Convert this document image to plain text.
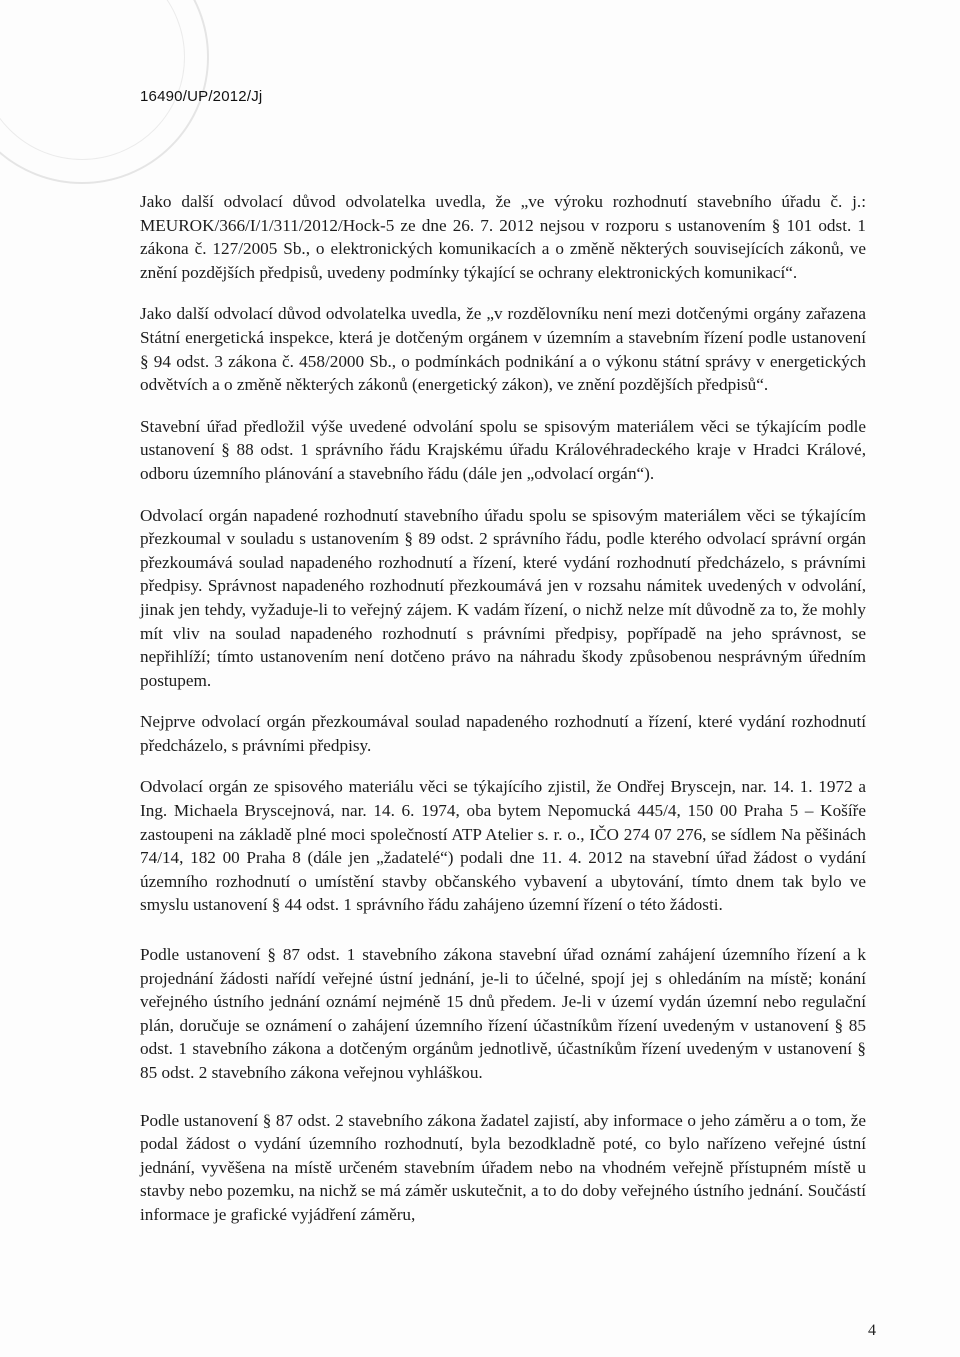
16490/UP/2012/Jj

Jako další odvolací důvod odvolatelka uvedla, že „ve výroku rozhodnutí stavebního úřadu č. j.: MEUROK/366/I/1/311/2012/Hock-5 ze dne 26. 7. 2012 nejsou v rozporu s ustanovením § 101 odst. 1 zákona č. 127/2005 Sb., o elektronických komunikacích a o změně některých souvisejících zákonů, ve znění pozdějších předpisů, uvedeny podmínky týkající se ochrany elektronických komunikací“.

Jako další odvolací důvod odvolatelka uvedla, že „v rozdělovníku není mezi dotčenými orgány zařazena Státní energetická inspekce, která je dotčeným orgánem v územním a stavebním řízení podle ustanovení § 94 odst. 3 zákona č. 458/2000 Sb., o podmínkách podnikání a o výkonu státní správy v energetických odvětvích a o změně některých zákonů (energetický zákon), ve znění pozdějších předpisů“.

Stavební úřad předložil výše uvedené odvolání spolu se spisovým materiálem věci se týkajícím podle ustanovení § 88 odst. 1 správního řádu Krajskému úřadu Královéhradeckého kraje v Hradci Králové, odboru územního plánování a stavebního řádu (dále jen „odvolací orgán“).

Odvolací orgán napadené rozhodnutí stavebního úřadu spolu se spisovým materiálem věci se týkajícím přezkoumal v souladu s ustanovením § 89 odst. 2 správního řádu, podle kterého odvolací správní orgán přezkoumává soulad napadeného rozhodnutí a řízení, které vydání rozhodnutí předcházelo, s právními předpisy. Správnost napadeného rozhodnutí přezkoumává jen v rozsahu námitek uvedených v odvolání, jinak jen tehdy, vyžaduje-li to veřejný zájem. K vadám řízení, o nichž nelze mít důvodně za to, že mohly mít vliv na soulad napadeného rozhodnutí s právními předpisy, popřípadě na jeho správnost, se nepřihlíží; tímto ustanovením není dotčeno právo na náhradu škody způsobenou nesprávným úředním postupem.

Nejprve odvolací orgán přezkoumával soulad napadeného rozhodnutí a řízení, které vydání rozhodnutí předcházelo, s právními předpisy.

Odvolací orgán ze spisového materiálu věci se týkajícího zjistil, že Ondřej Bryscejn, nar. 14. 1. 1972 a Ing. Michaela Bryscejnová, nar. 14. 6. 1974, oba bytem Nepomucká 445/4, 150 00 Praha 5 – Košíře zastoupeni na základě plné moci společností ATP Atelier s. r. o., IČO 274 07 276, se sídlem Na pěšinách 74/14, 182 00 Praha 8 (dále jen „žadatelé“) podali dne 11. 4. 2012 na stavební úřad žádost o vydání územního rozhodnutí o umístění stavby občanského vybavení a ubytování, tímto dnem tak bylo ve smyslu ustanovení § 44 odst. 1 správního řádu zahájeno územní řízení o této žádosti.

Podle ustanovení § 87 odst. 1 stavebního zákona stavební úřad oznámí zahájení územního řízení a k projednání žádosti nařídí veřejné ústní jednání, je-li to účelné, spojí jej s ohledáním na místě; konání veřejného ústního jednání oznámí nejméně 15 dnů předem. Je-li v území vydán územní nebo regulační plán, doručuje se oznámení o zahájení územního řízení účastníkům řízení uvedeným v ustanovení § 85 odst. 1 stavebního zákona a dotčeným orgánům jednotlivě, účastníkům řízení uvedeným v ustanovení § 85 odst. 2 stavebního zákona veřejnou vyhláškou.

Podle ustanovení § 87 odst. 2 stavebního zákona žadatel zajistí, aby informace o jeho záměru a o tom, že podal žádost o vydání územního rozhodnutí, byla bezodkladně poté, co bylo nařízeno veřejné ústní jednání, vyvěšena na místě určeném stavebním úřadem nebo na vhodném veřejně přístupném místě u stavby nebo pozemku, na nichž se má záměr uskutečnit, a to do doby veřejného ústního jednání. Součástí informace je grafické vyjádření záměru,

4
